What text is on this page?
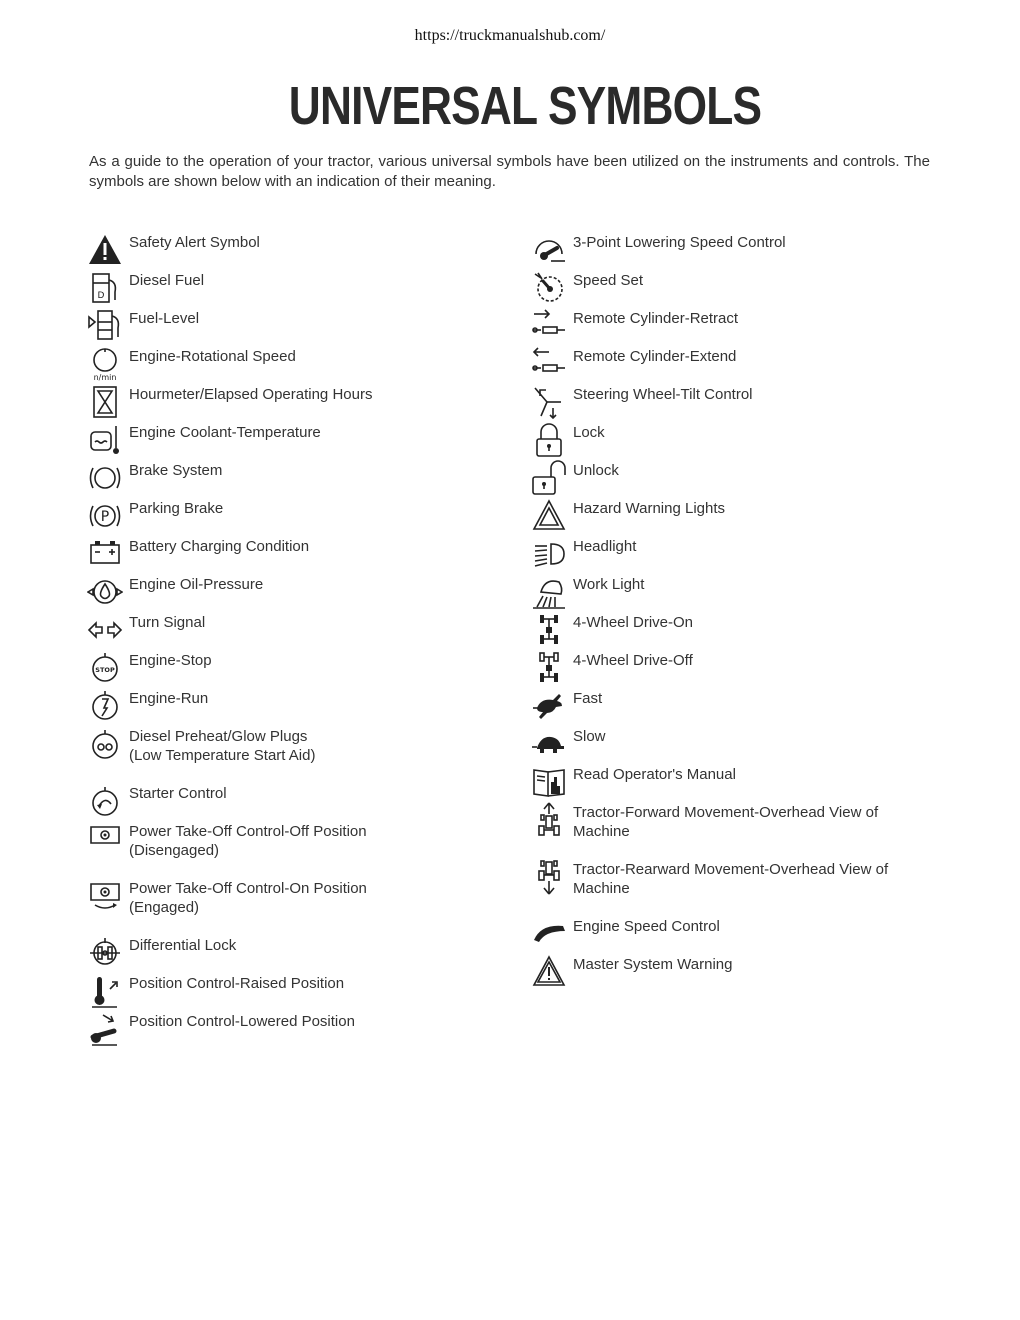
https://truckmanualshub.com/
UNIVERSAL SYMBOLS

As a guide to the operation of your tractor, various universal symbols have been utilized on the instruments and controls. The symbols are shown below with an indication of their meaning.

Safety Alert Symbol
D
Diesel Fuel
Fuel-Level
n/min
Engine-Rotational Speed
Hourmeter/Elapsed Operating Hours
Engine Coolant-Temperature
Brake System
P Parking Brake
Battery Charging Condition
Engine Oil-Pressure
Turn Signal
STOP
Engine-Stop
Engine-Run
Diesel Preheat/Glow Plugs
(Low Temperature Start Aid)
Starter Control
Power Take-Off Control-Off Position
(Disengaged)
Power Take-Off Control-On Position
(Engaged)
Differential Lock
Position Control-Raised Position
Position Control-Lowered Position
3-Point Lowering Speed Control
Speed Set
Remote Cylinder-Retract
Remote Cylinder-Extend
Steering Wheel-Tilt Control
Lock
Unlock
Hazard Warning Lights
Headlight
Work Light
4-Wheel Drive-On
4-Wheel Drive-Off
Fast
Slow
Read Operator's Manual
Tractor-Forward Movement-Overhead View of
Machine
Tractor-Rearward Movement-Overhead View of
Machine
Engine Speed Control
Master System Warning
